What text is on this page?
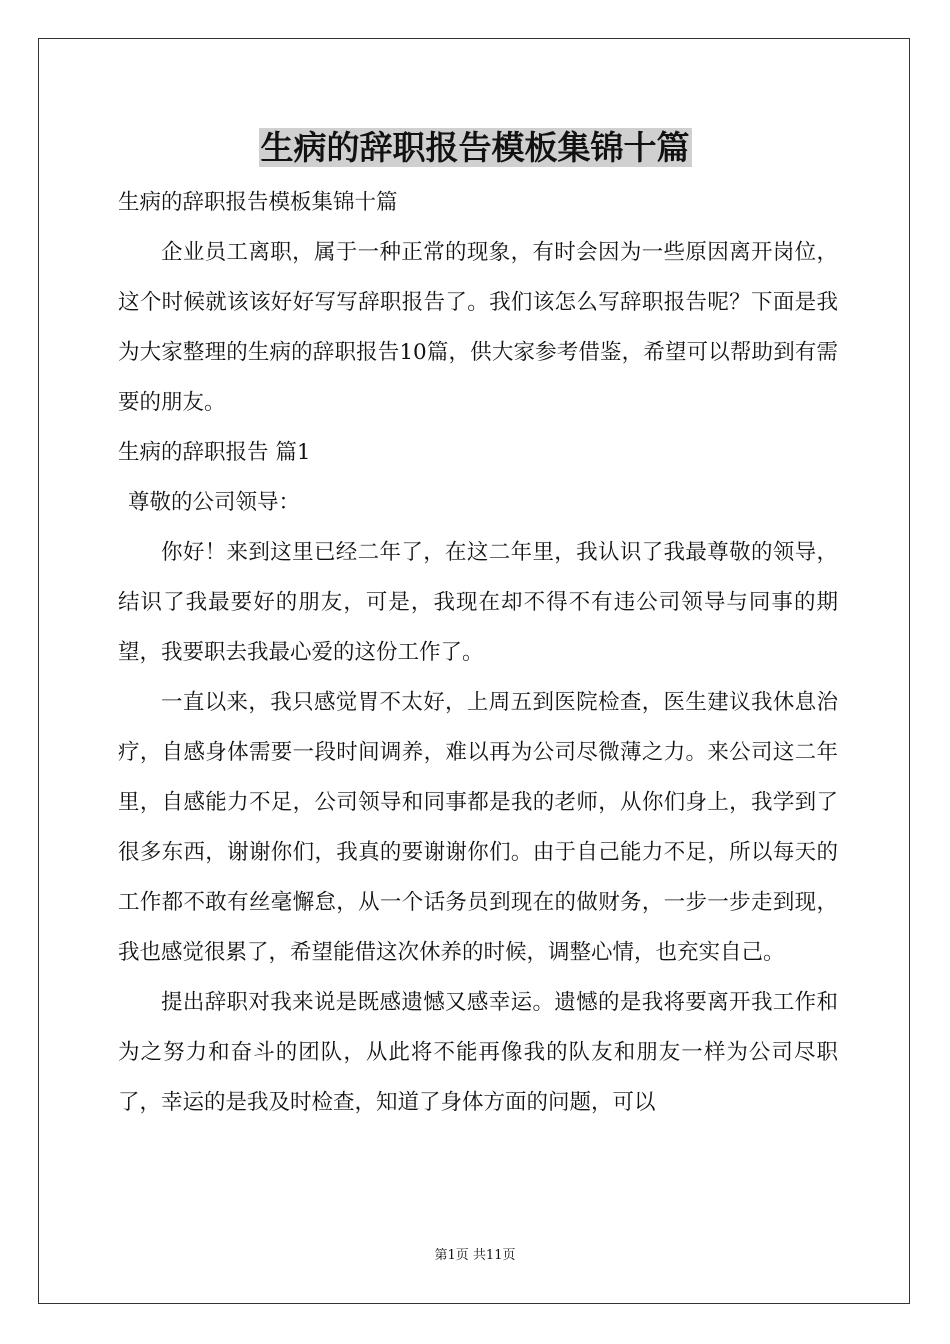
生病的辞职报告模板集锦十篇

生病的辞职报告模板集锦十篇

企业员工离职，属于一种正常的现象，有时会因为一些原因离开岗位，这个时候就该该好好写写辞职报告了。我们该怎么写辞职报告呢？下面是我为大家整理的生病的辞职报告10篇，供大家参考借鉴，希望可以帮助到有需要的朋友。

生病的辞职报告 篇1

尊敬的公司领导：

你好！来到这里已经二年了，在这二年里，我认识了我最尊敬的领导，结识了我最要好的朋友，可是，我现在却不得不有违公司领导与同事的期望，我要职去我最心爱的这份工作了。

一直以来，我只感觉胃不太好，上周五到医院检查，医生建议我休息治疗，自感身体需要一段时间调养，难以再为公司尽微薄之力。来公司这二年里，自感能力不足，公司领导和同事都是我的老师，从你们身上，我学到了很多东西，谢谢你们，我真的要谢谢你们。由于自己能力不足，所以每天的工作都不敢有丝毫懈怠，从一个话务员到现在的做财务，一步一步走到现，我也感觉很累了，希望能借这次休养的时候，调整心情，也充实自己。

提出辞职对我来说是既感遗憾又感幸运。遗憾的是我将要离开我工作和为之努力和奋斗的团队，从此将不能再像我的队友和朋友一样为公司尽职了，幸运的是我及时检查，知道了身体方面的问题，可以

第1页 共11页
